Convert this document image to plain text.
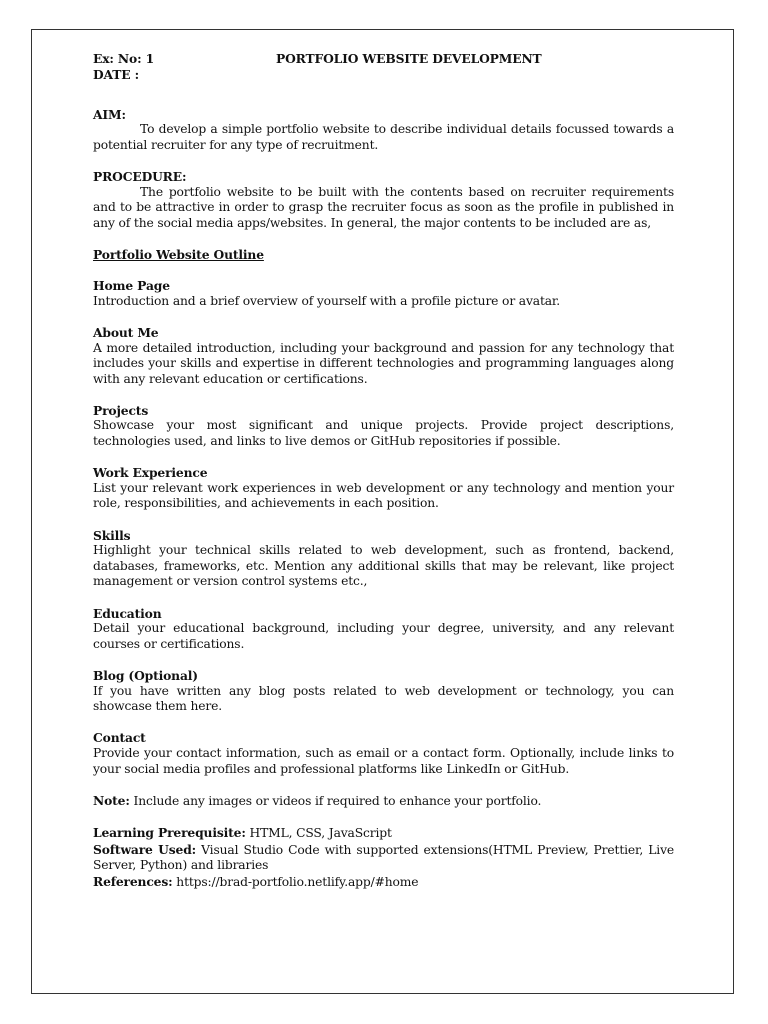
Ex: No: 1	PORTFOLIO WEBSITE DEVELOPMENT
DATE :
AIM:
To develop a simple portfolio website to describe individual details focussed towards a potential recruiter for any type of recruitment.
PROCEDURE:
The portfolio website to be built with the contents based on recruiter requirements and to be attractive in order to grasp the recruiter focus as soon as the profile in published in any of the social media apps/websites. In general, the major contents to be included are as,
Portfolio Website Outline
Home Page
Introduction and a brief overview of yourself with a profile picture or avatar.
About Me
A more detailed introduction, including your background and passion for any technology that includes your skills and expertise in different technologies and programming languages along with any relevant education or certifications.
Projects
Showcase your most significant and unique projects. Provide project descriptions, technologies used, and links to live demos or GitHub repositories if possible.
Work Experience
List your relevant work experiences in web development or any technology and mention your role, responsibilities, and achievements in each position.
Skills
Highlight your technical skills related to web development, such as frontend, backend, databases, frameworks, etc. Mention any additional skills that may be relevant, like project management or version control systems etc.,
Education
Detail your educational background, including your degree, university, and any relevant courses or certifications.
Blog (Optional)
If you have written any blog posts related to web development or technology, you can showcase them here.
Contact
Provide your contact information, such as email or a contact form. Optionally, include links to your social media profiles and professional platforms like LinkedIn or GitHub.
Note: Include any images or videos if required to enhance your portfolio.
Learning Prerequisite: HTML, CSS, JavaScript
Software Used: Visual Studio Code with supported extensions(HTML Preview, Prettier, Live Server, Python) and libraries
References: https://brad-portfolio.netlify.app/#home
